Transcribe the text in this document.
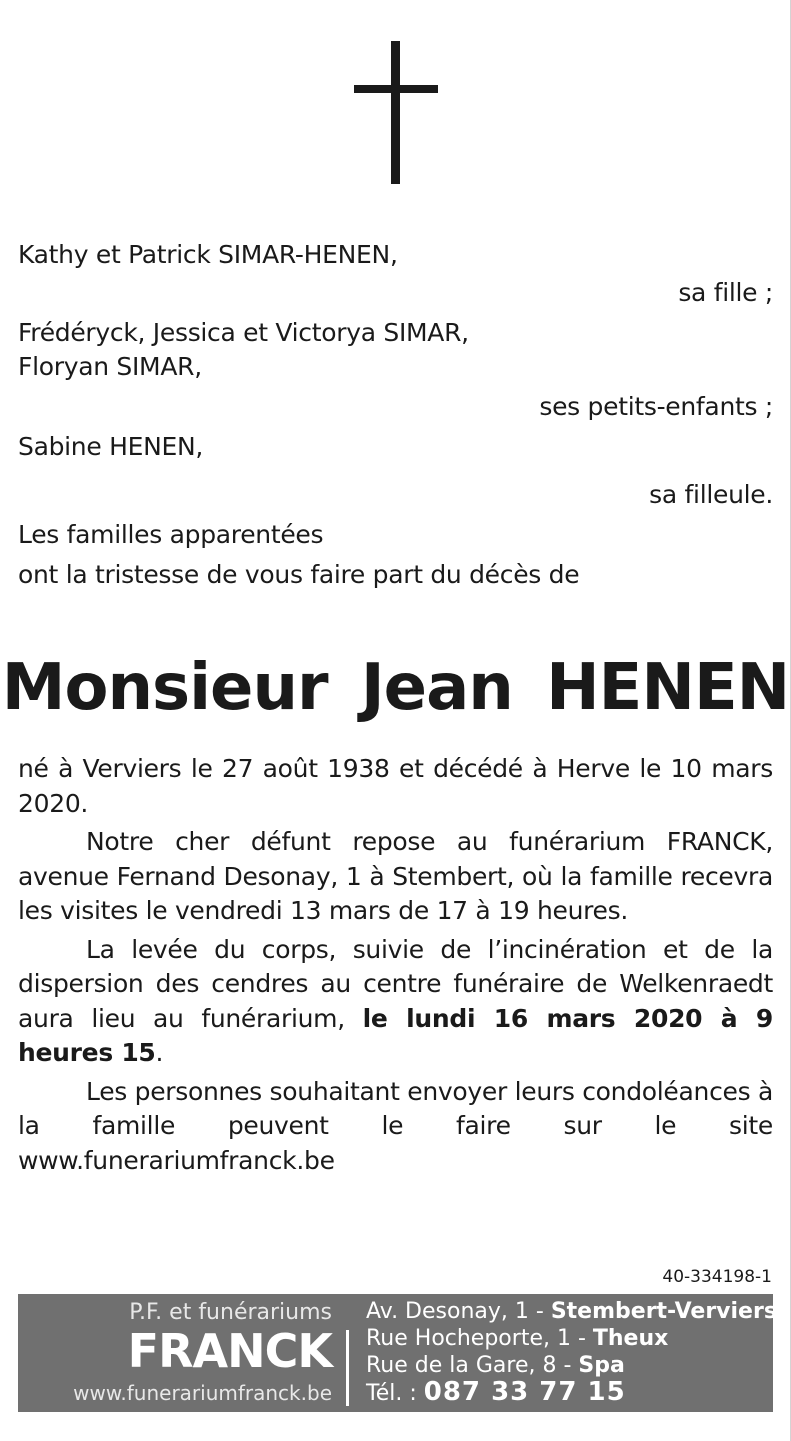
Kathy et Patrick SIMAR-HENEN,
sa fille ;
Frédéryck, Jessica et Victorya SIMAR,
Floryan SIMAR,
ses petits-enfants ;
Sabine HENEN,
sa filleule.
Les familles apparentées
ont la tristesse de vous faire part du décès de
Monsieur Jean HENEN

né à Verviers le 27 août 1938 et décédé à Herve le 10 mars 2020.

Notre cher défunt repose au funérarium FRANCK, avenue Fernand Desonay, 1 à Stembert, où la famille recevra les visites le vendredi 13 mars de 17 à 19 heures.

La levée du corps, suivie de l’incinération et de la dispersion des cendres au centre funéraire de Welkenraedt aura lieu au funérarium, le lundi 16 mars 2020 à 9 heures 15.

Les personnes souhaitant envoyer leurs condoléances à la famille peuvent le faire sur le site www.funerariumfranck.be

40-334198-1
P.F. et funérariums
FRANCK
www.funerariumfranck.be
Av. Desonay, 1 - Stembert-Verviers
Rue Hocheporte, 1 - Theux
Rue de la Gare, 8 - Spa
Tél. : 087 33 77 15
